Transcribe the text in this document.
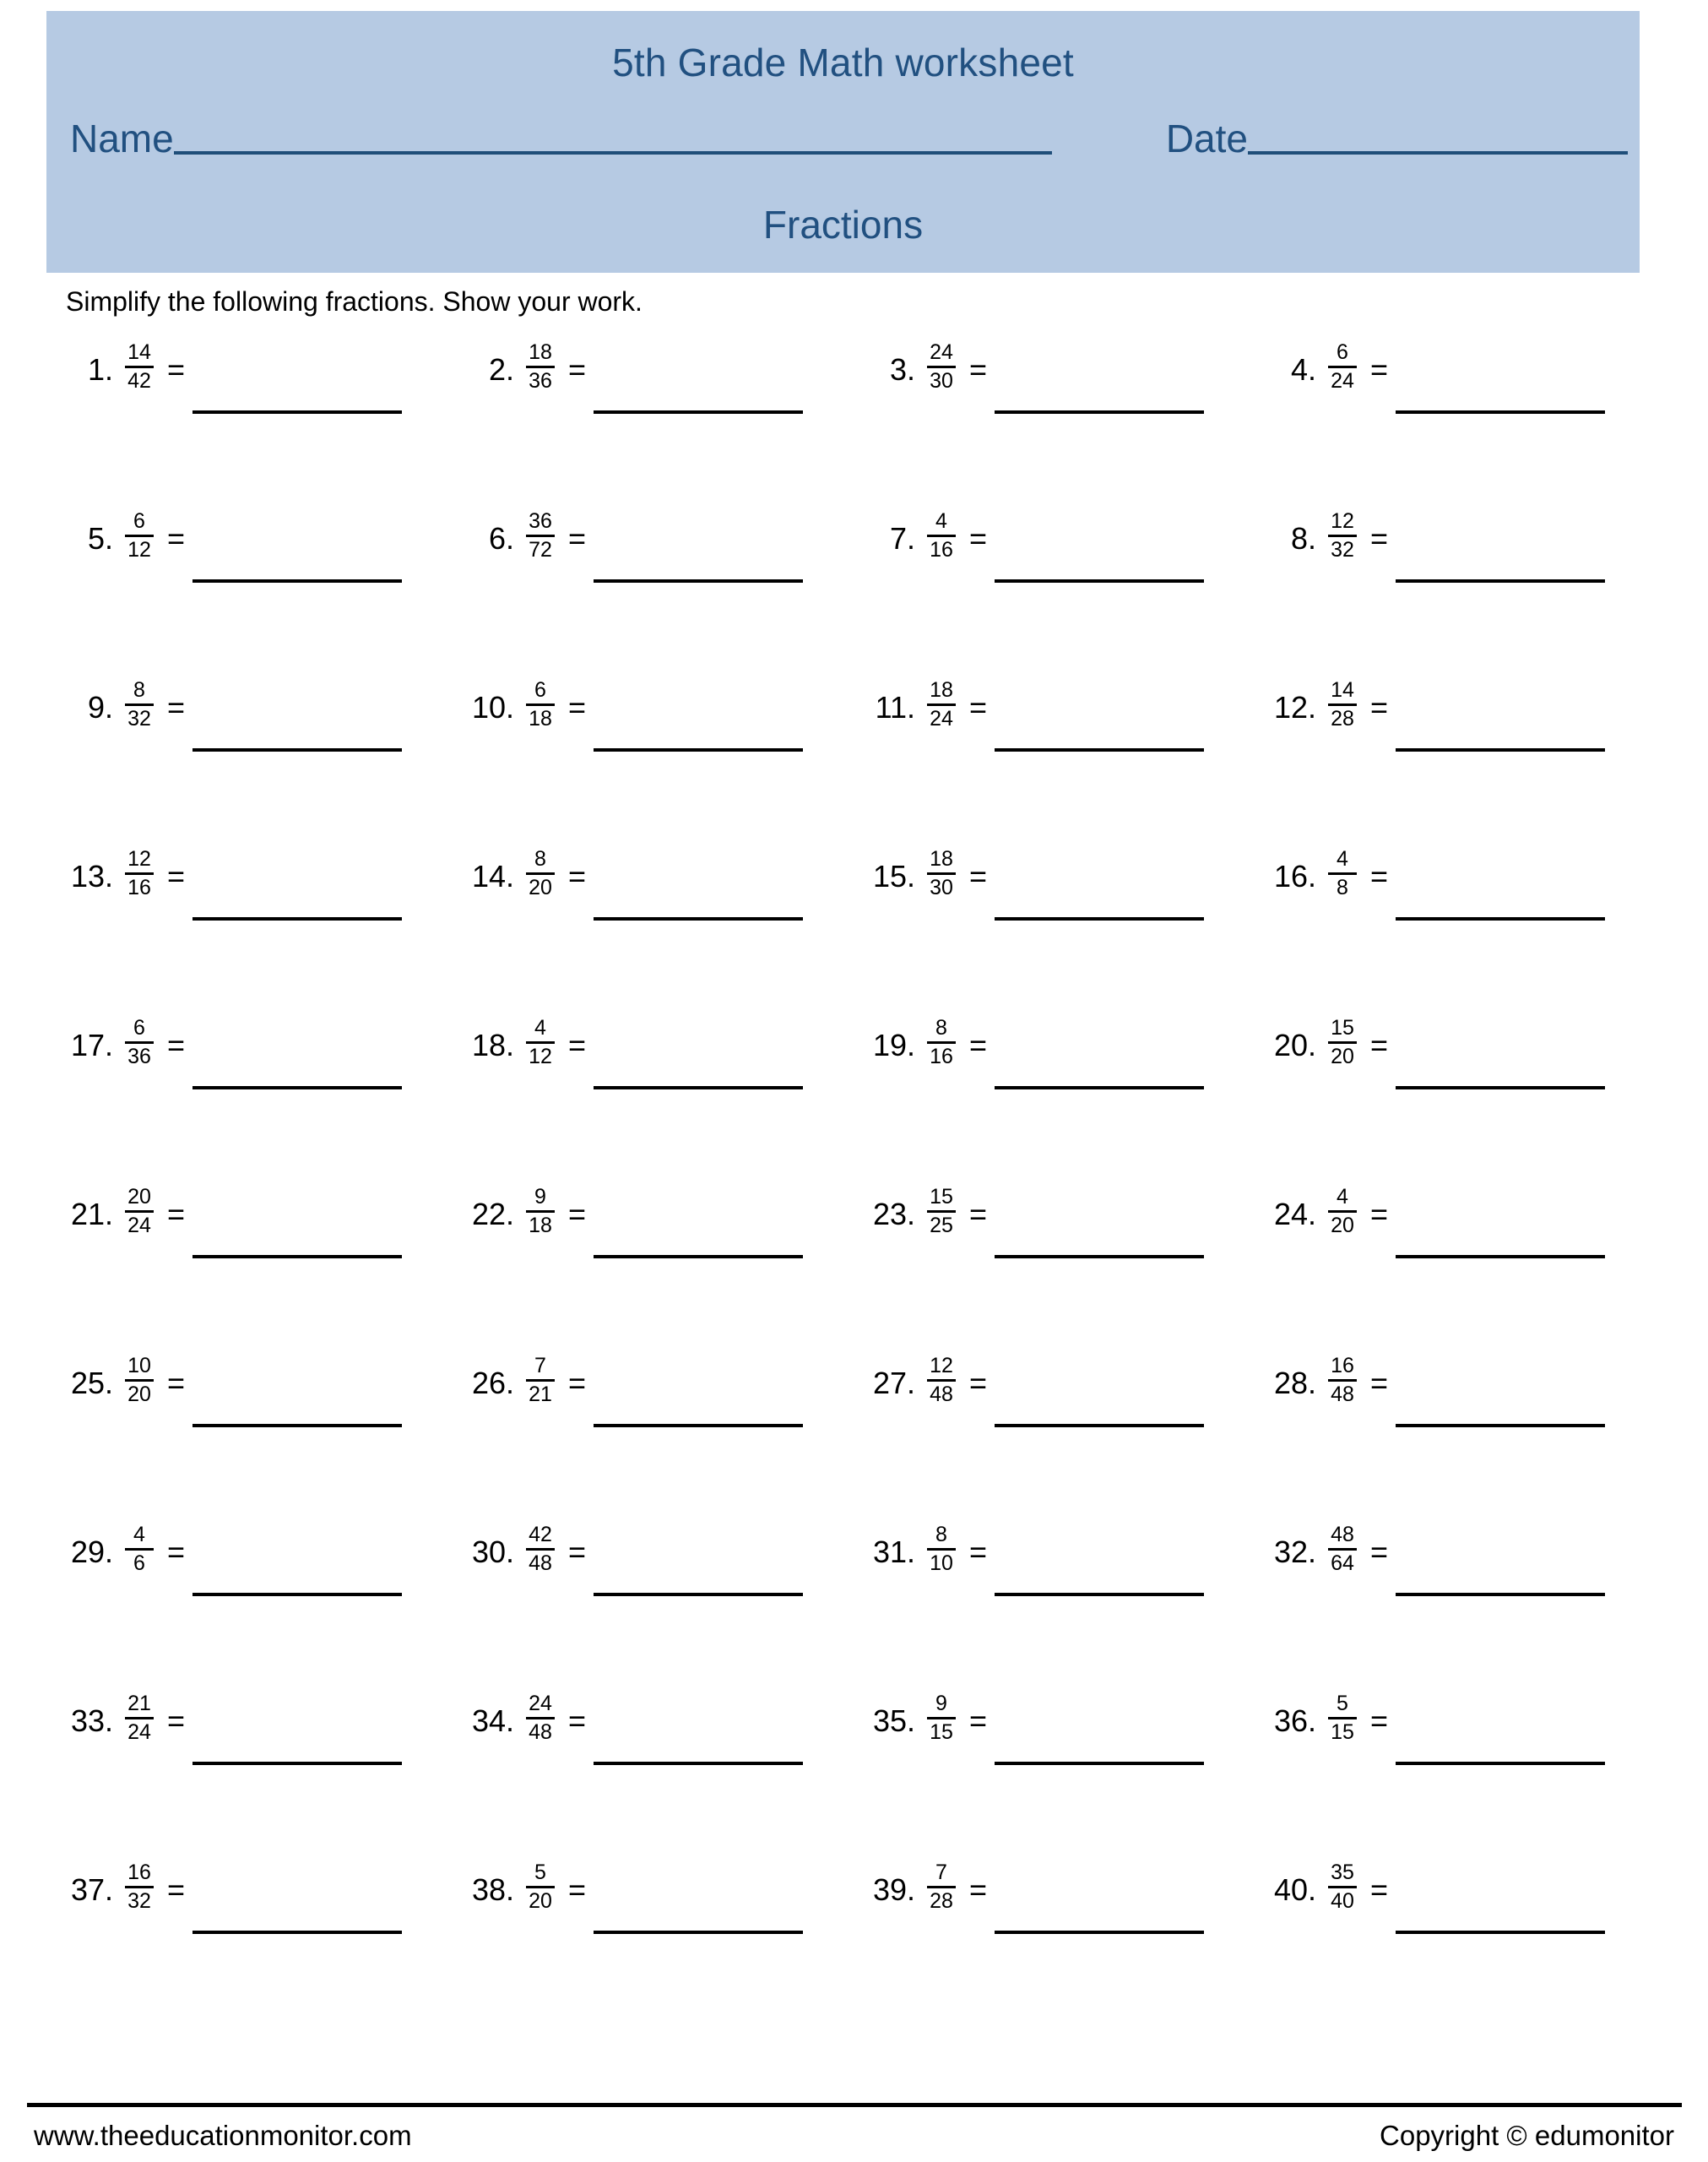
5th Grade Math worksheet
Name	Date
Fractions
Simplify the following fractions. Show your work.
1. $\frac{14}{42}$ =	2. $\frac{18}{36}$ =	3. $\frac{24}{30}$ =	4. $\frac{6}{24}$ =
5. $\frac{6}{12}$ =	6. $\frac{36}{72}$ =	7. $\frac{4}{16}$ =	8. $\frac{12}{32}$ =
9. $\frac{8}{32}$ =	10. $\frac{6}{18}$ =	11. $\frac{18}{24}$ =	12. $\frac{14}{28}$ =
13. $\frac{12}{16}$ =	14. $\frac{8}{20}$ =	15. $\frac{18}{30}$ =	16. $\frac{4}{8}$ =
17. $\frac{6}{36}$ =	18. $\frac{4}{12}$ =	19. $\frac{8}{16}$ =	20. $\frac{15}{20}$ =
21. $\frac{20}{24}$ =	22. $\frac{9}{18}$ =	23. $\frac{15}{25}$ =	24. $\frac{4}{20}$ =
25. $\frac{10}{20}$ =	26. $\frac{7}{21}$ =	27. $\frac{12}{48}$ =	28. $\frac{16}{48}$ =
29. $\frac{4}{6}$ =	30. $\frac{42}{48}$ =	31. $\frac{8}{10}$ =	32. $\frac{48}{64}$ =
33. $\frac{21}{24}$ =	34. $\frac{24}{48}$ =	35. $\frac{9}{15}$ =	36. $\frac{5}{15}$ =
37. $\frac{16}{32}$ =	38. $\frac{5}{20}$ =	39. $\frac{7}{28}$ =	40. $\frac{35}{40}$ =
www.theeducationmonitor.com	Copyright © edumonitor
